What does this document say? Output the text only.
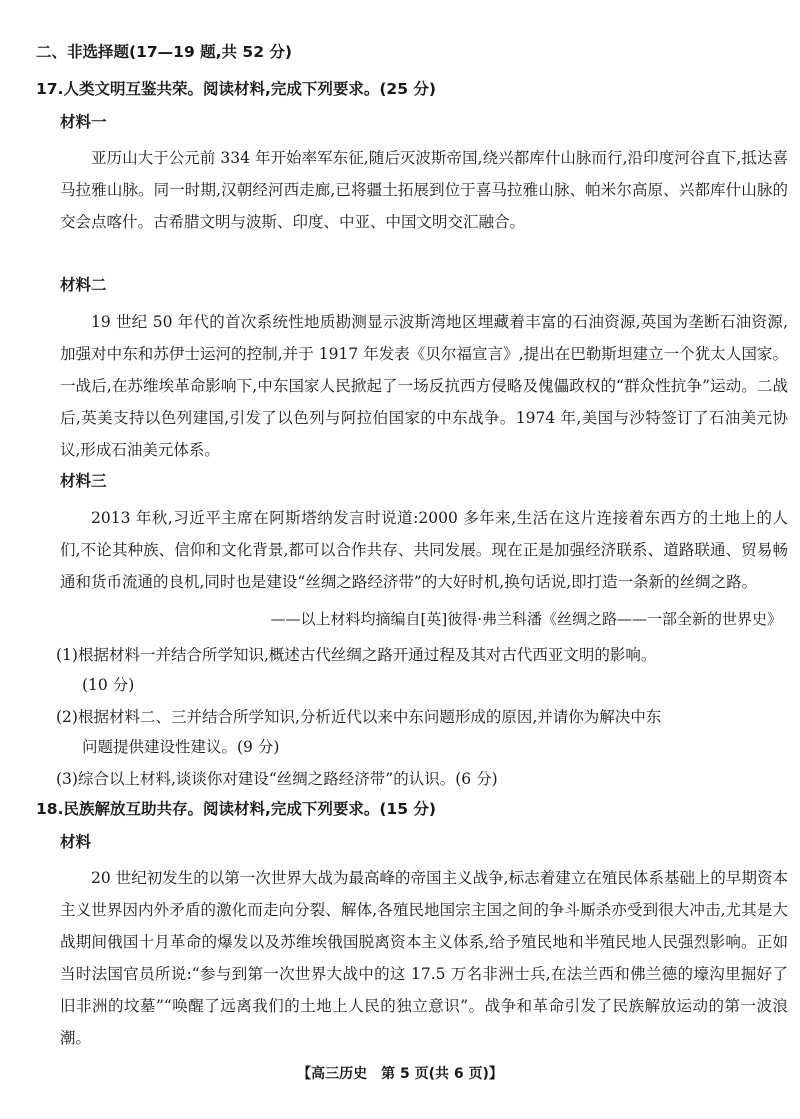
二、非选择题(17—19 题,共 52 分)
17.人类文明互鉴共荣。阅读材料,完成下列要求。(25 分)
材料一
亚历山大于公元前 334 年开始率军东征,随后灭波斯帝国,绕兴都库什山脉而行,沿印度河谷直下,抵达喜马拉雅山脉。同一时期,汉朝经河西走廊,已将疆土拓展到位于喜马拉雅山脉、帕米尔高原、兴都库什山脉的交会点喀什。古希腊文明与波斯、印度、中亚、中国文明交汇融合。
材料二
19 世纪 50 年代的首次系统性地质勘测显示波斯湾地区埋藏着丰富的石油资源,英国为垄断石油资源,加强对中东和苏伊士运河的控制,并于 1917 年发表《贝尔福宣言》,提出在巴勒斯坦建立一个犹太人国家。一战后,在苏维埃革命影响下,中东国家人民掀起了一场反抗西方侵略及傀儡政权的“群众性抗争”运动。二战后,英美支持以色列建国,引发了以色列与阿拉伯国家的中东战争。1974 年,美国与沙特签订了石油美元协议,形成石油美元体系。
材料三
2013 年秋,习近平主席在阿斯塔纳发言时说道:2000 多年来,生活在这片连接着东西方的土地上的人们,不论其种族、信仰和文化背景,都可以合作共存、共同发展。现在正是加强经济联系、道路联通、贸易畅通和货币流通的良机,同时也是建设“丝绸之路经济带”的大好时机,换句话说,即打造一条新的丝绸之路。
——以上材料均摘编自[英]彼得·弗兰科潘《丝绸之路——一部全新的世界史》
(1)根据材料一并结合所学知识,概述古代丝绸之路开通过程及其对古代西亚文明的影响。
(10 分)
(2)根据材料二、三并结合所学知识,分析近代以来中东问题形成的原因,并请你为解决中东
问题提供建设性建议。(9 分)
(3)综合以上材料,谈谈你对建设“丝绸之路经济带”的认识。(6 分)
18.民族解放互助共存。阅读材料,完成下列要求。(15 分)
材料
20 世纪初发生的以第一次世界大战为最高峰的帝国主义战争,标志着建立在殖民体系基础上的早期资本主义世界因内外矛盾的激化而走向分裂、解体,各殖民地国宗主国之间的争斗厮杀亦受到很大冲击,尤其是大战期间俄国十月革命的爆发以及苏维埃俄国脱离资本主义体系,给予殖民地和半殖民地人民强烈影响。正如当时法国官员所说:“参与到第一次世界大战中的这 17.5 万名非洲士兵,在法兰西和佛兰德的壕沟里掘好了旧非洲的坟墓”“唤醒了远离我们的土地上人民的独立意识”。战争和革命引发了民族解放运动的第一波浪潮。
【高三历史　第 5 页(共 6 页)】
